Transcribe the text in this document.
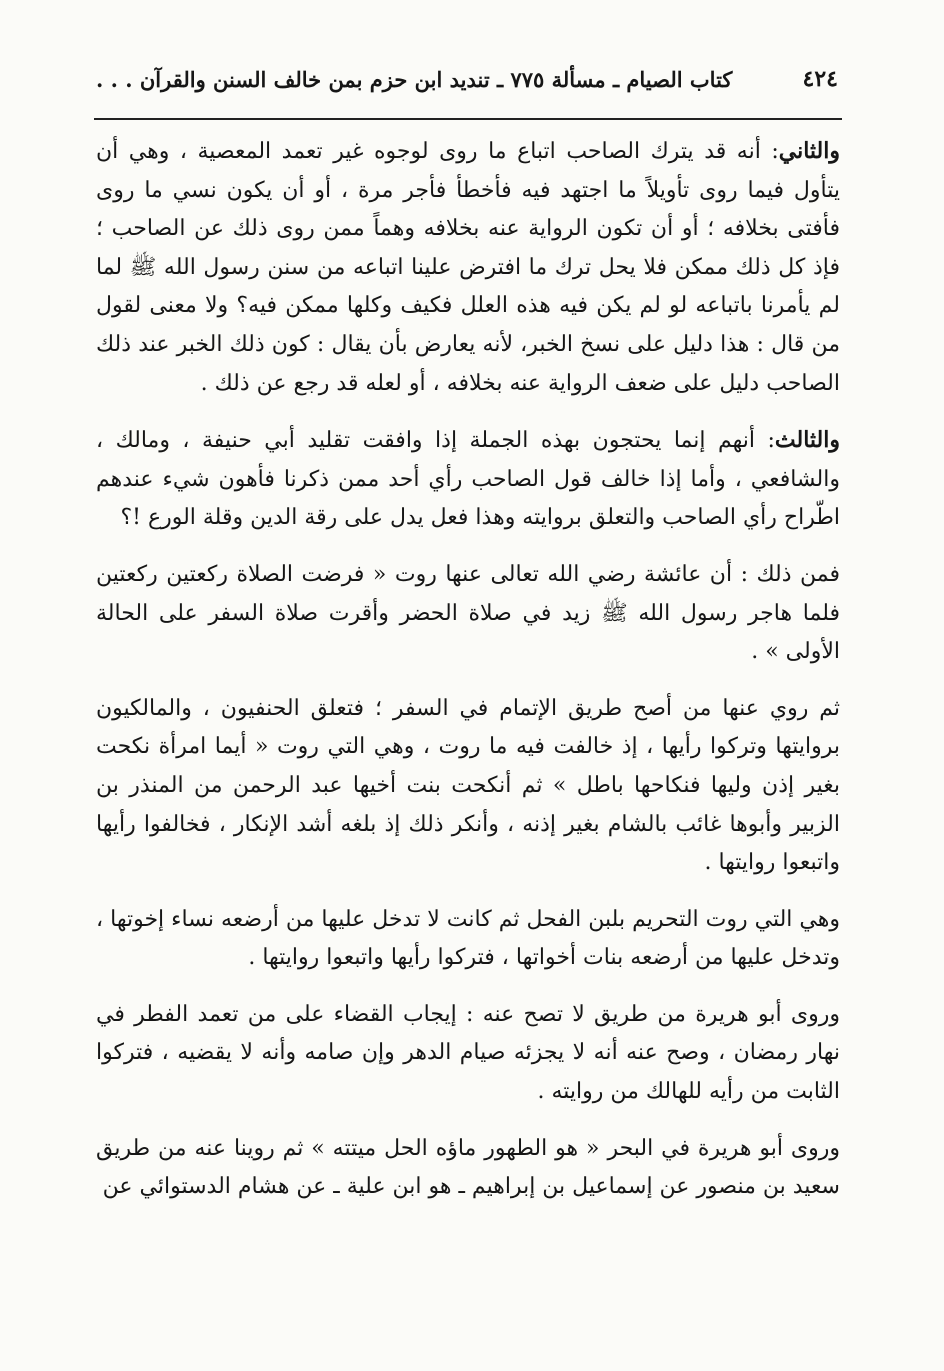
٤٢٤
كتاب الصيام ـ مسألة ٧٧٥ ـ تنديد ابن حزم بمن خالف السنن والقرآن . . .

والثاني: أنه قد يترك الصاحب اتباع ما روى لوجوه غير تعمد المعصية ، وهي أن يتأول فيما روى تأويلاً ما اجتهد فيه فأخطأ فأجر مرة ، أو أن يكون نسي ما روى فأفتى بخلافه ؛ أو أن تكون الرواية عنه بخلافه وهماً ممن روى ذلك عن الصاحب ؛ فإذ كل ذلك ممكن فلا يحل ترك ما افترض علينا اتباعه من سنن رسول الله ﷺ لما لم يأمرنا باتباعه لو لم يكن فيه هذه العلل فكيف وكلها ممكن فيه؟ ولا معنى لقول من قال : هذا دليل على نسخ الخبر، لأنه يعارض بأن يقال : كون ذلك الخبر عند ذلك الصاحب دليل على ضعف الرواية عنه بخلافه ، أو لعله قد رجع عن ذلك .

والثالث: أنهم إنما يحتجون بهذه الجملة إذا وافقت تقليد أبي حنيفة ، ومالك ، والشافعي ، وأما إذا خالف قول الصاحب رأي أحد ممن ذكرنا فأهون شيء عندهم اطّراح رأي الصاحب والتعلق بروايته وهذا فعل يدل على رقة الدين وقلة الورع !؟

فمن ذلك : أن عائشة رضي الله تعالى عنها روت « فرضت الصلاة ركعتين ركعتين فلما هاجر رسول الله ﷺ زيد في صلاة الحضر وأقرت صلاة السفر على الحالة الأولى » .

ثم روي عنها من أصح طريق الإتمام في السفر ؛ فتعلق الحنفيون ، والمالكيون بروايتها وتركوا رأيها ، إذ خالفت فيه ما روت ، وهي التي روت « أيما امرأة نكحت بغير إذن وليها فنكاحها باطل » ثم أنكحت بنت أخيها عبد الرحمن من المنذر بن الزبير وأبوها غائب بالشام بغير إذنه ، وأنكر ذلك إذ بلغه أشد الإنكار ، فخالفوا رأيها واتبعوا روايتها .

وهي التي روت التحريم بلبن الفحل ثم كانت لا تدخل عليها من أرضعه نساء إخوتها ، وتدخل عليها من أرضعه بنات أخواتها ، فتركوا رأيها واتبعوا روايتها .

وروى أبو هريرة من طريق لا تصح عنه : إيجاب القضاء على من تعمد الفطر في نهار رمضان ، وصح عنه أنه لا يجزئه صيام الدهر وإن صامه وأنه لا يقضيه ، فتركوا الثابت من رأيه للهالك من روايته .

وروى أبو هريرة في البحر « هو الطهور ماؤه الحل ميتته » ثم روينا عنه من طريق سعيد بن منصور عن إسماعيل بن إبراهيم ـ هو ابن علية ـ عن هشام الدستوائي عن
